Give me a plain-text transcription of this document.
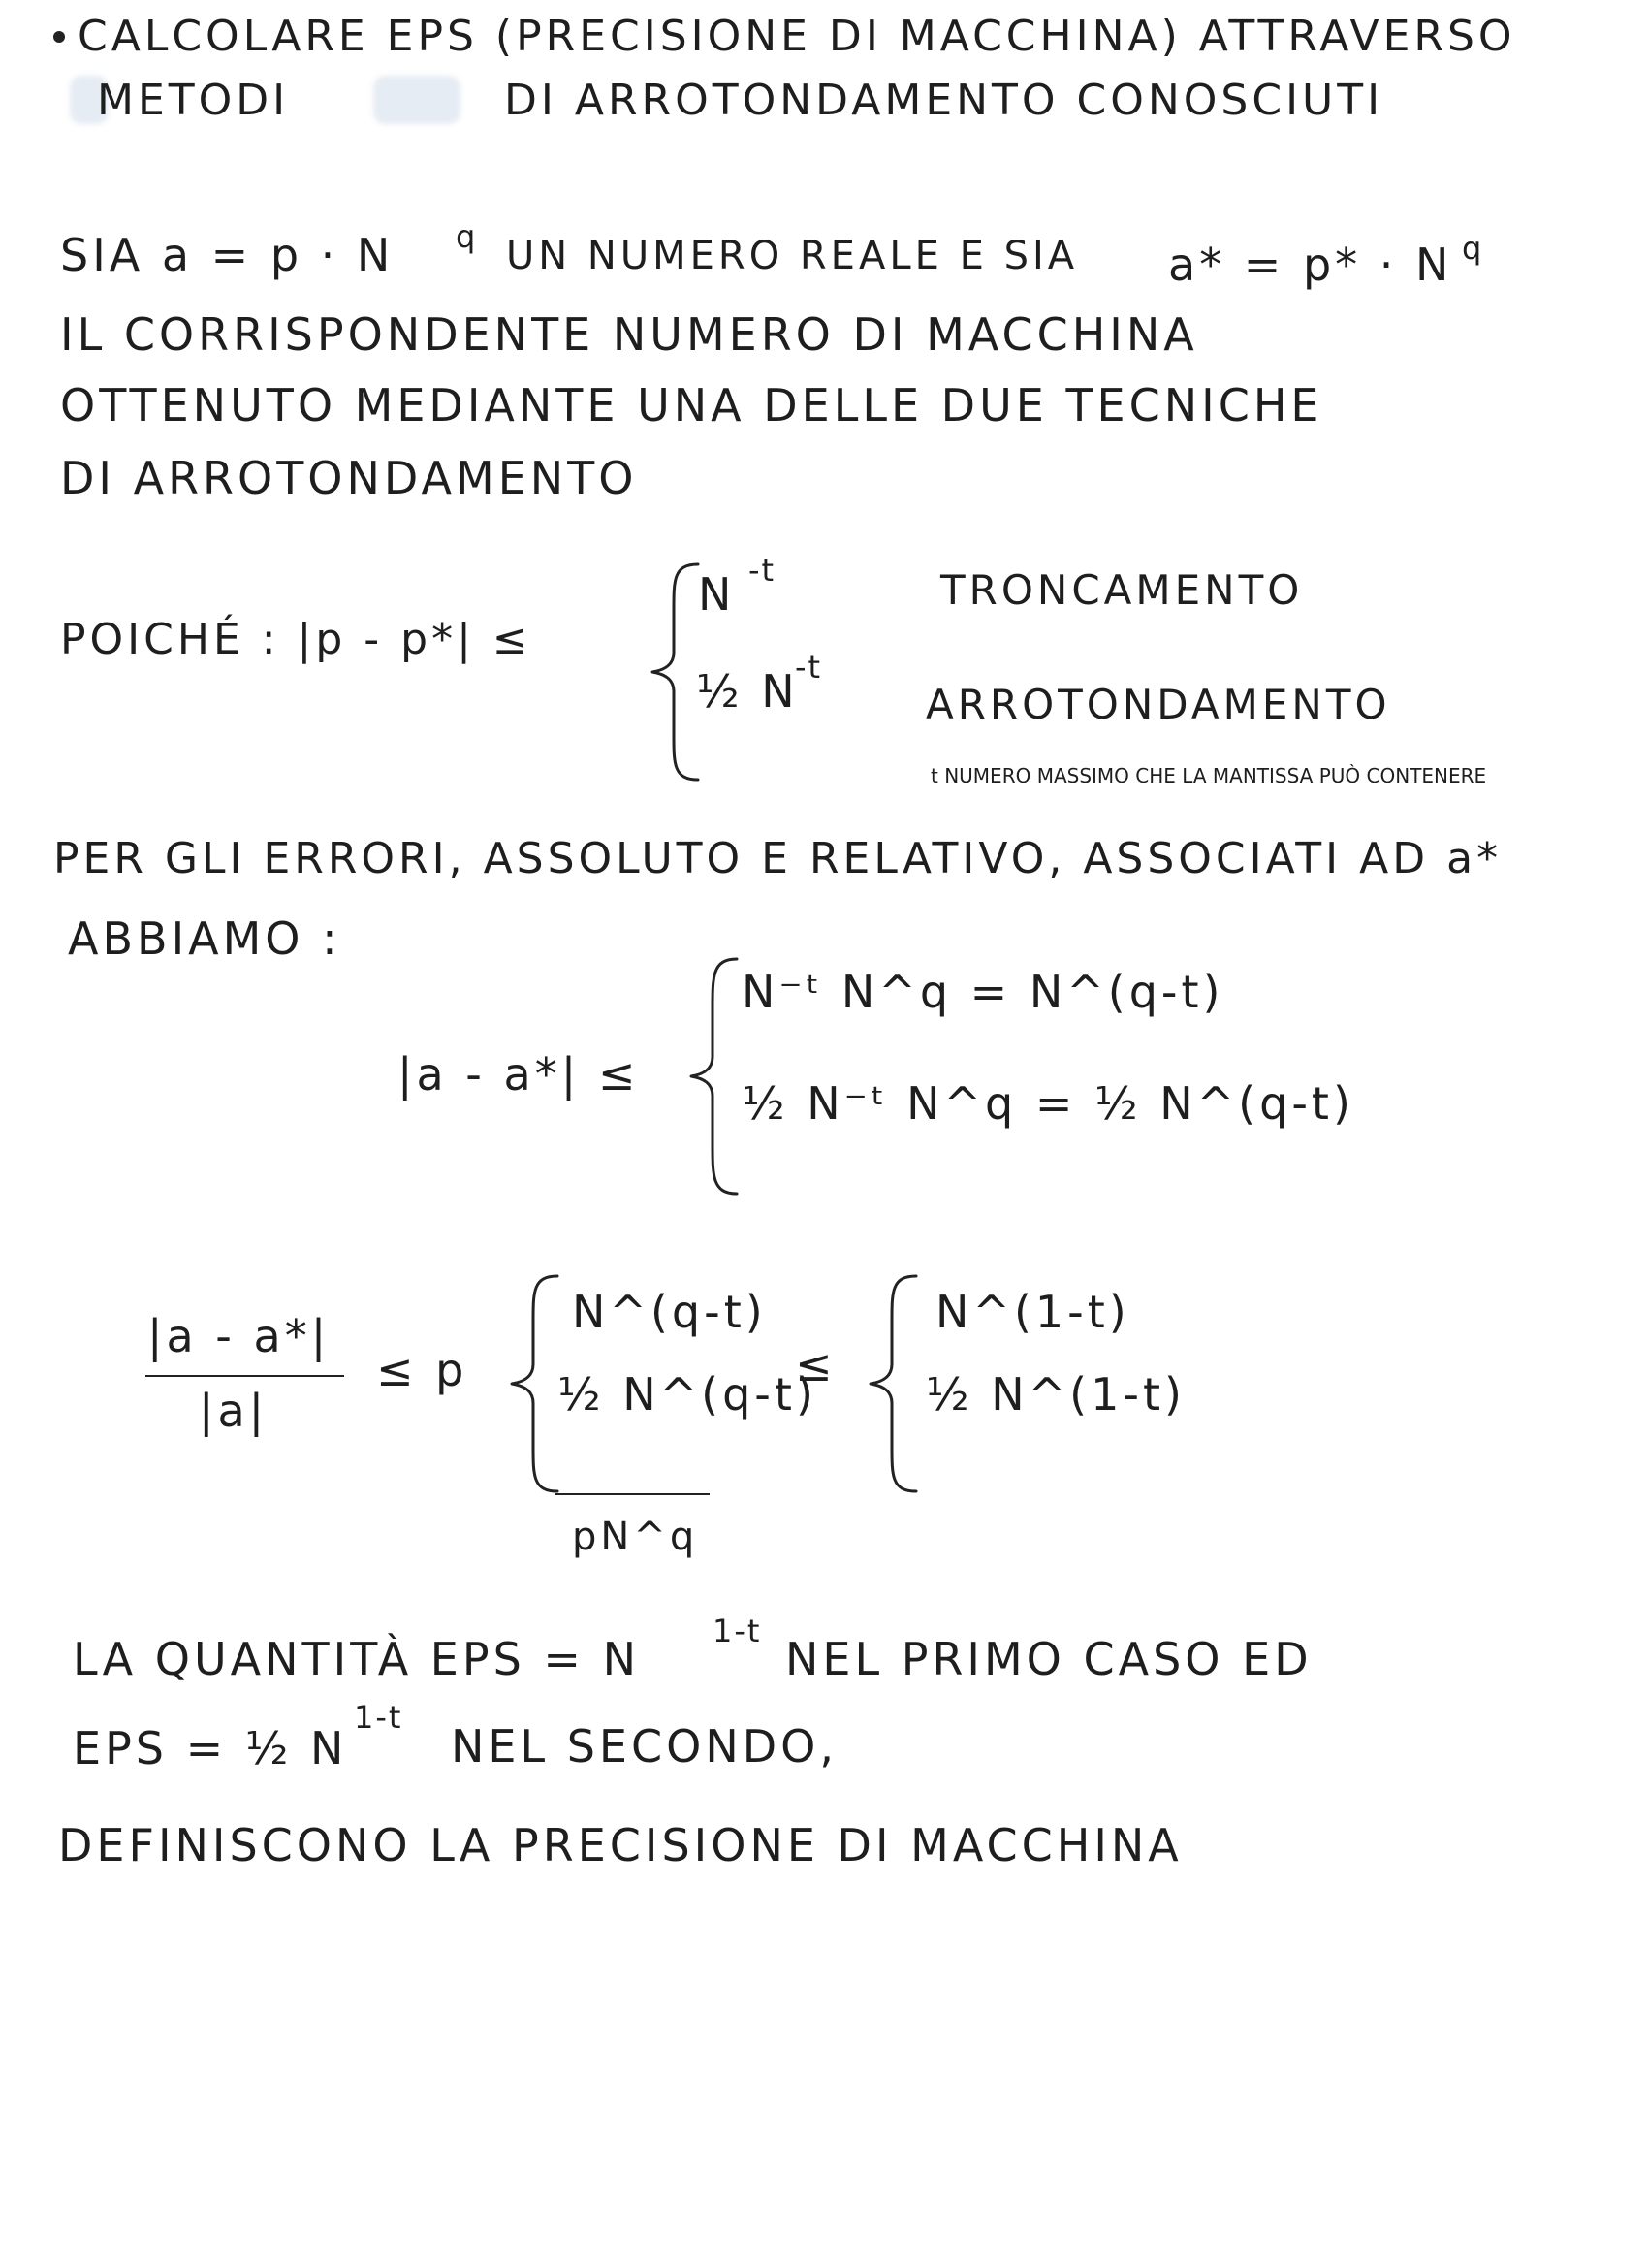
CALCOLARE EPS (PRECISIONE DI MACCHINA) ATTRAVERSO
METODI	DI ARROTONDAMENTO CONOSCIUTI
SIA a = p · N q UN NUMERO REALE E SIA a* = p* · N q
IL CORRISPONDENTE NUMERO DI MACCHINA
OTTENUTO MEDIANTE UNA DELLE DUE TECNICHE
DI ARROTONDAMENTO
POICHÉ : |p - p*| ≤
N -t	TRONCAMENTO
½ N
-t
ARROTONDAMENTO
t NUMERO MASSIMO CHE LA MANTISSA PUÒ CONTENERE
PER GLI ERRORI, ASSOLUTO E RELATIVO, ASSOCIATI AD a*
ABBIAMO :
|a - a*| ≤
N⁻ᵗ N^q = N^(q-t)
½ N⁻ᵗ N^q = ½ N^(q-t)
|a - a*|
|a|
≤ p
N^(q-t)
½ N^(q-t)
pN^q
≤
N^(1-t)
½ N^(1-t)
LA QUANTITÀ EPS = N
1-t
NEL PRIMO CASO ED
EPS = ½ N
1-t
NEL SECONDO,
DEFINISCONO LA PRECISIONE DI MACCHINA
